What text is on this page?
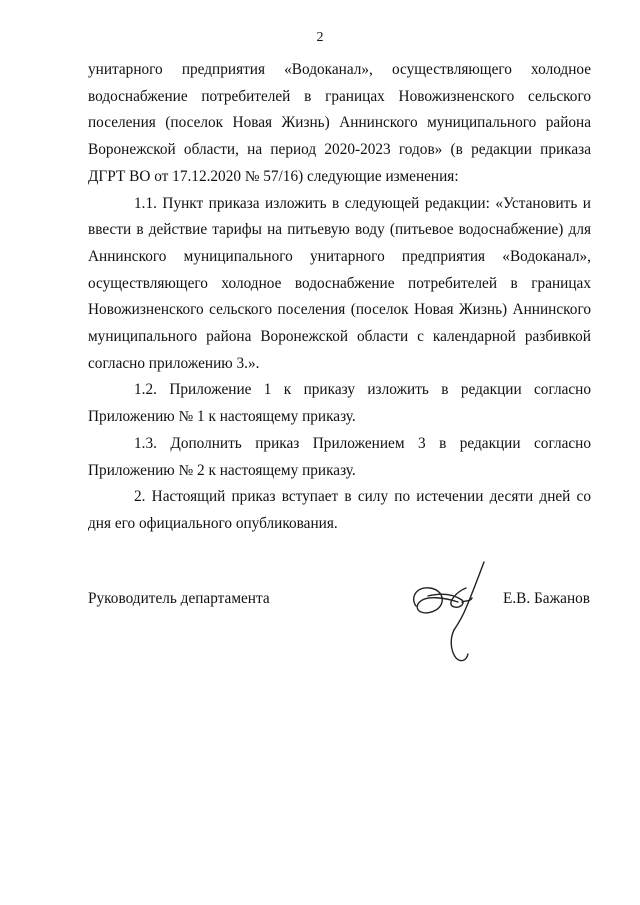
2

унитарного предприятия «Водоканал», осуществляющего холодное водоснабжение потребителей в границах Новожизненского сельского поселения (поселок Новая Жизнь) Аннинского муниципального района Воронежской области, на период 2020-2023 годов» (в редакции приказа ДГРТ ВО от 17.12.2020 № 57/16) следующие изменения:

1.1. Пункт приказа изложить в следующей редакции: «Установить и ввести в действие тарифы на питьевую воду (питьевое водоснабжение) для Аннинского муниципального унитарного предприятия «Водоканал», осуществляющего холодное водоснабжение потребителей в границах Новожизненского сельского поселения (поселок Новая Жизнь) Аннинского муниципального района Воронежской области с календарной разбивкой согласно приложению 3.».

1.2. Приложение 1 к приказу изложить в редакции согласно Приложению № 1 к настоящему приказу.

1.3. Дополнить приказ Приложением 3 в редакции согласно Приложению № 2 к настоящему приказу.

2. Настоящий приказ вступает в силу по истечении десяти дней со дня его официального опубликования.

Руководитель департамента	Е.В. Бажанов
